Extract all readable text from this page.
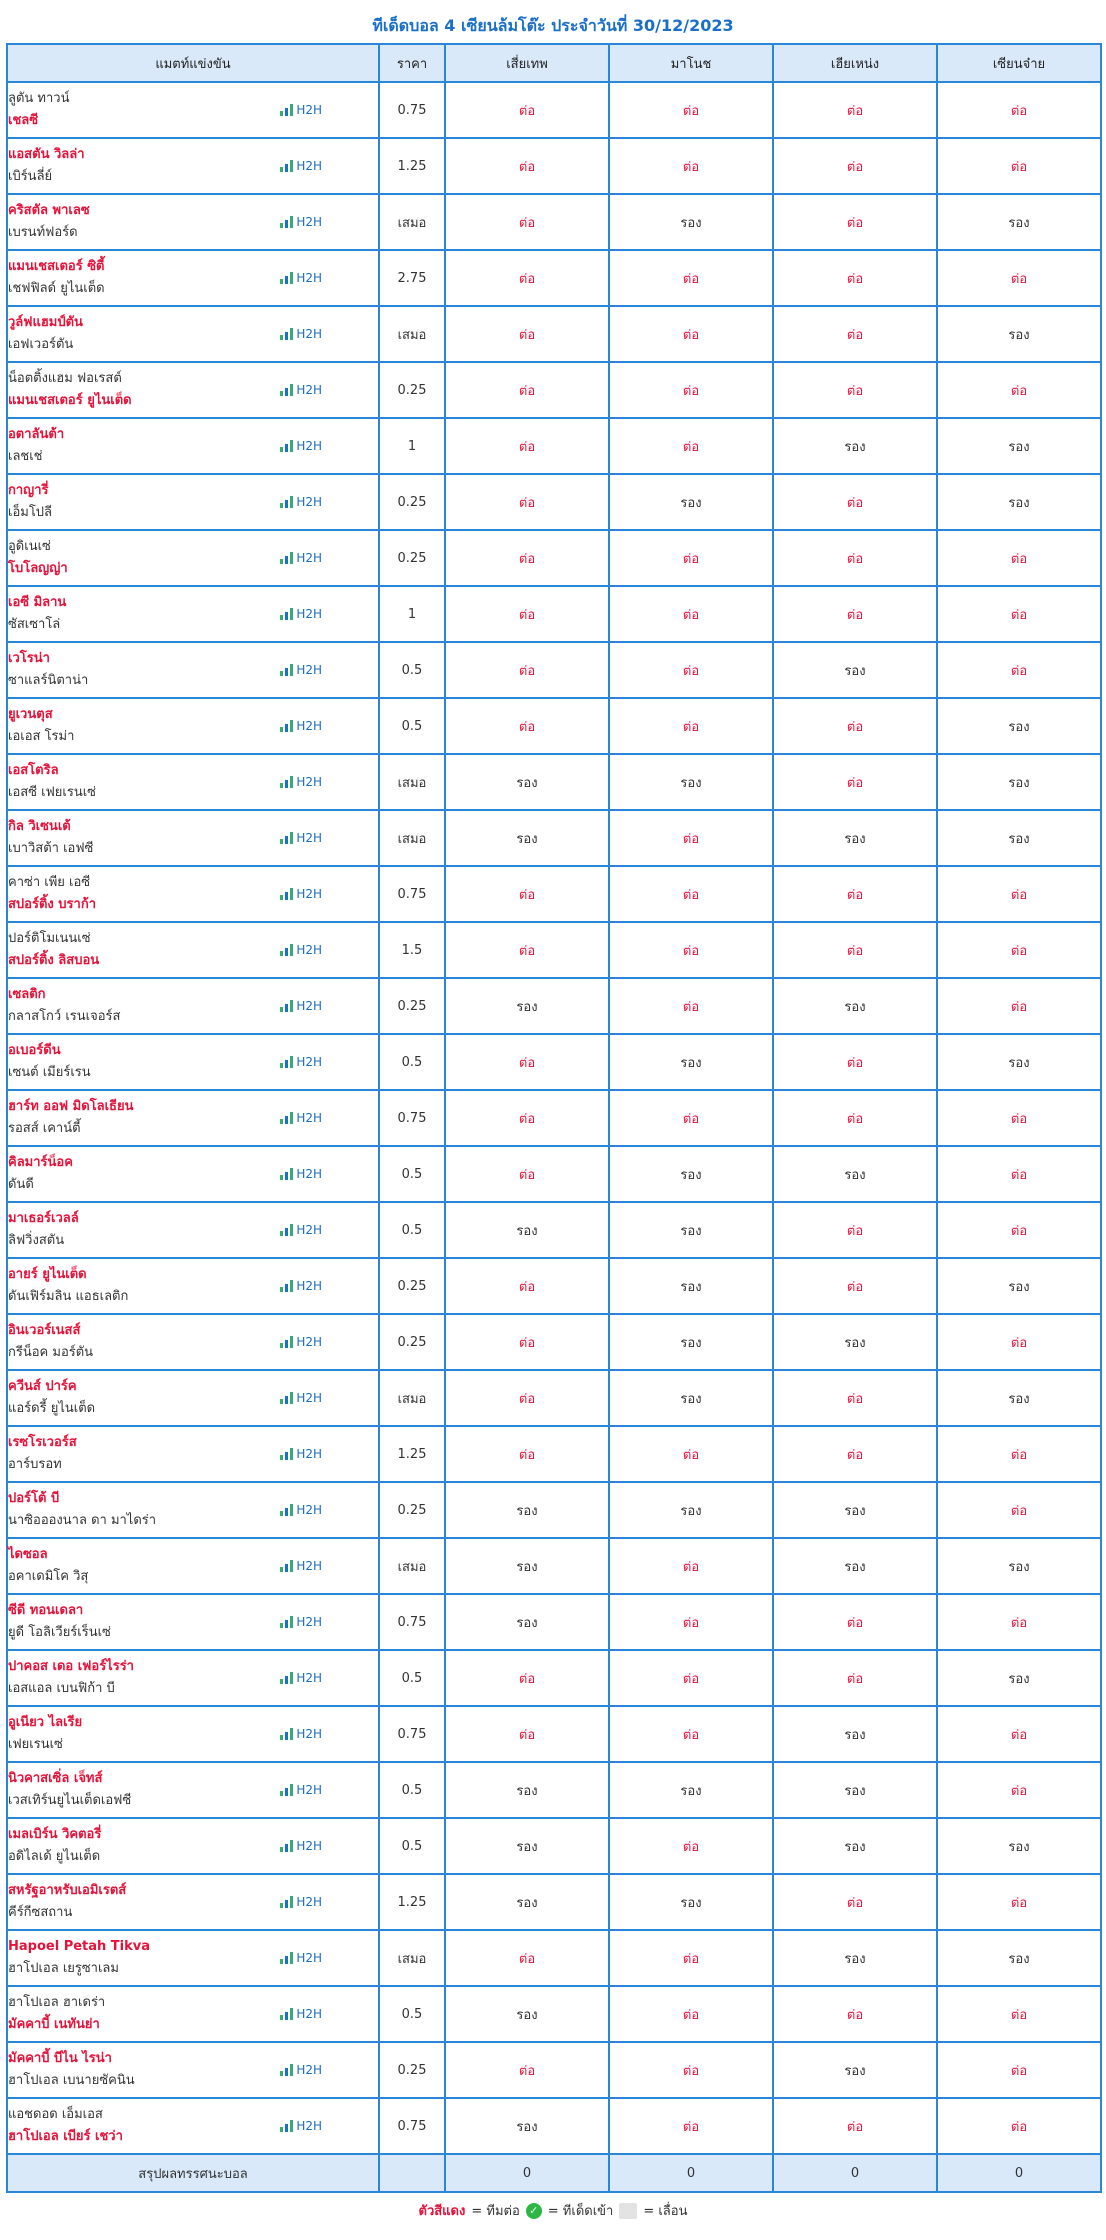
ทีเด็ดบอล 4 เซียนล้มโต๊ะ ประจำวันที่ 30/12/2023
แมตท์แข่งขัน	ราคา	เสี่ยเทพ	มาโนช	เฮียเหน่ง	เซียนจ๋าย

ลูตัน ทาวน์
เชลซี
H2H	0.75	ต่อ	ต่อ	ต่อ	ต่อ

แอสตัน วิลล่า
เบิร์นลี่ย์
H2H	1.25	ต่อ	ต่อ	ต่อ	ต่อ

คริสตัล พาเลซ
เบรนท์ฟอร์ด
H2H	เสมอ	ต่อ	รอง	ต่อ	รอง

แมนเชสเตอร์ ซิตี้
เชฟฟิลด์ ยูไนเต็ด
H2H	2.75	ต่อ	ต่อ	ต่อ	ต่อ

วูล์ฟแฮมป์ตัน
เอฟเวอร์ตัน
H2H	เสมอ	ต่อ	ต่อ	ต่อ	รอง

น็อตติ้งแฮม ฟอเรสต์
แมนเชสเตอร์ ยูไนเต็ด
H2H	0.25	ต่อ	ต่อ	ต่อ	ต่อ

อตาลันต้า
เลชเช่
H2H	1	ต่อ	ต่อ	รอง	รอง

กาญารี่
เอ็มโปลี
H2H	0.25	ต่อ	รอง	ต่อ	รอง

อูดิเนเซ่
โบโลญญ่า
H2H	0.25	ต่อ	ต่อ	ต่อ	ต่อ

เอซี มิลาน
ซัสเซาโล่
H2H	1	ต่อ	ต่อ	ต่อ	ต่อ

เวโรน่า
ซาแลร์นิตาน่า
H2H	0.5	ต่อ	ต่อ	รอง	ต่อ

ยูเวนตุส
เอเอส โรม่า
H2H	0.5	ต่อ	ต่อ	ต่อ	รอง

เอสโตริล
เอสซี เฟยเรนเซ่
H2H	เสมอ	รอง	รอง	ต่อ	รอง

กิล วิเซนเต้
เบาวิสต้า เอฟซี
H2H	เสมอ	รอง	ต่อ	รอง	รอง

คาซ่า เพีย เอซี
สปอร์ติ้ง บราก้า
H2H	0.75	ต่อ	ต่อ	ต่อ	ต่อ

ปอร์ติโมเนนเซ่
สปอร์ติ้ง ลิสบอน
H2H	1.5	ต่อ	ต่อ	ต่อ	ต่อ

เซลติก
กลาสโกว์ เรนเจอร์ส
H2H	0.25	รอง	ต่อ	รอง	ต่อ

อเบอร์ดีน
เซนต์ เมียร์เรน
H2H	0.5	ต่อ	รอง	ต่อ	รอง

ฮาร์ท ออฟ มิดโลเธียน
รอสส์ เคาน์ตี้
H2H	0.75	ต่อ	ต่อ	ต่อ	ต่อ

คิลมาร์น็อค
ดันดี
H2H	0.5	ต่อ	รอง	รอง	ต่อ

มาเธอร์เวลล์
ลิฟวิ่งสตัน
H2H	0.5	รอง	รอง	ต่อ	ต่อ

อายร์ ยูไนเต็ด
ดันเฟิร์มลิน แอธเลติก
H2H	0.25	ต่อ	รอง	ต่อ	รอง

อินเวอร์เนสส์
กรีน็อค มอร์ตัน
H2H	0.25	ต่อ	รอง	รอง	ต่อ

ควีนส์ ปาร์ค
แอร์ดรี้ ยูไนเต็ด
H2H	เสมอ	ต่อ	รอง	ต่อ	รอง

เรซโรเวอร์ส
อาร์บรอท
H2H	1.25	ต่อ	ต่อ	ต่อ	ต่อ

ปอร์โต้ บี
นาซิออองนาล ดา มาไดร่า
H2H	0.25	รอง	รอง	รอง	ต่อ

ไดซอล
อคาเดมิโค วิสุ
H2H	เสมอ	รอง	ต่อ	รอง	รอง

ซีดี ทอนเดลา
ยูดี โอลิเวียร์เร็นเซ่
H2H	0.75	รอง	ต่อ	ต่อ	ต่อ

ปาคอส เดอ เฟอร์ไรร่า
เอสแอล เบนฟิก้า บี
H2H	0.5	ต่อ	ต่อ	ต่อ	รอง

อูเนียว ไลเรีย
เฟยเรนเซ่
H2H	0.75	ต่อ	ต่อ	รอง	ต่อ

นิวคาสเซิ่ล เจ็ทส์
เวสเทิร์นยูไนเต็ดเอฟซี
H2H	0.5	รอง	รอง	รอง	ต่อ

เมลเบิร์น วิคตอรี่
อดิไลเด้ ยูไนเต็ด
H2H	0.5	รอง	ต่อ	รอง	รอง

สหรัฐอาหรับเอมิเรตส์
คีร์กีซสถาน
H2H	1.25	รอง	รอง	ต่อ	ต่อ

Hapoel Petah Tikva
ฮาโปเอล เยรูซาเลม
H2H	เสมอ	ต่อ	ต่อ	รอง	รอง

ฮาโปเอล ฮาเดร่า
มัคคาบี้ เนทันย่า
H2H	0.5	รอง	ต่อ	ต่อ	ต่อ

มัคคาบี้ บีไน ไรน่า
ฮาโปเอล เบนายซัคนิน
H2H	0.25	ต่อ	ต่อ	รอง	ต่อ

แอชดอด เอ็มเอส
ฮาโปเอล เบียร์ เชว่า
H2H	0.75	รอง	ต่อ	ต่อ	ต่อ
สรุปผลทรรศนะบอล		0	0	0	0
ตัวสีแดง = ทีมต่อ ✓ = ทีเด็ดเข้า = เลื่อน
